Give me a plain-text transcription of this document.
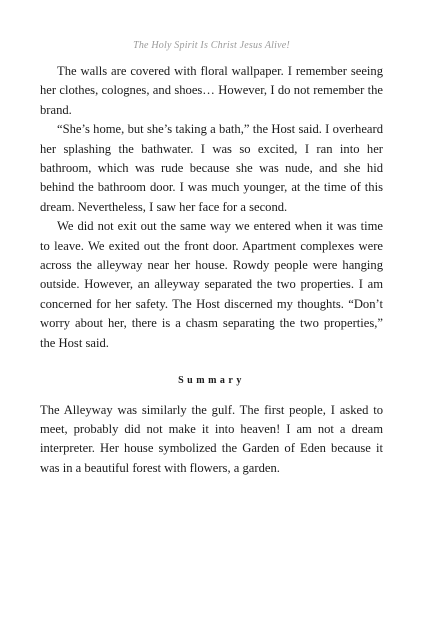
The Holy Spirit Is Christ Jesus Alive!

The walls are covered with floral wallpaper. I remember seeing her clothes, colognes, and shoes… However, I do not remember the brand.

“She’s home, but she’s taking a bath,” the Host said. I overheard her splashing the bathwater. I was so excited, I ran into her bathroom, which was rude because she was nude, and she hid behind the bathroom door. I was much younger, at the time of this dream. Nevertheless, I saw her face for a second.

We did not exit out the same way we entered when it was time to leave. We exited out the front door. Apartment complexes were across the alleyway near her house. Rowdy people were hanging outside. However, an alleyway separated the two properties. I am concerned for her safety. The Host discerned my thoughts. “Don’t worry about her, there is a chasm separating the two properties,” the Host said.

Summary

The Alleyway was similarly the gulf. The first people, I asked to meet, probably did not make it into heaven! I am not a dream interpreter. Her house symbolized the Garden of Eden because it was in a beautiful forest with flowers, a garden.
